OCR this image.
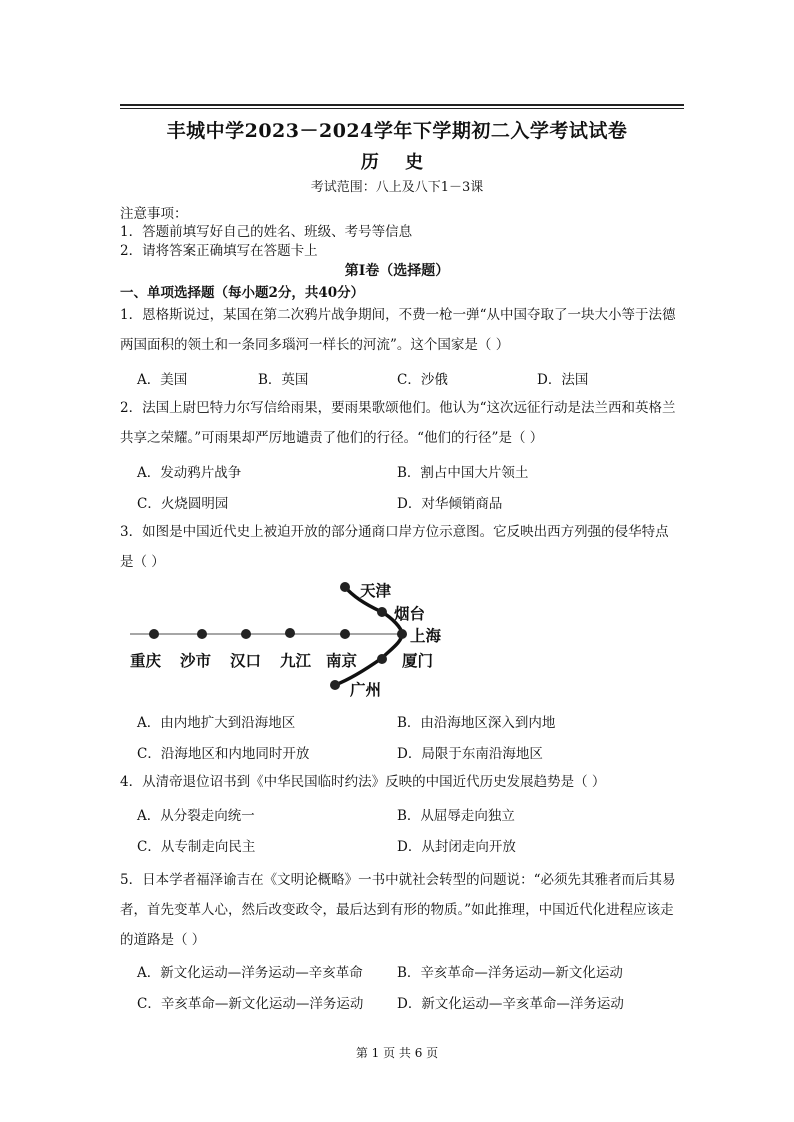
丰城中学2023－2024学年下学期初二入学考试试卷
历 史
考试范围：八上及八下1－3课
注意事项：
1．答题前填写好自己的姓名、班级、考号等信息
2．请将答案正确填写在答题卡上
第I卷（选择题）
一、单项选择题（每小题2分，共40分）
1．恩格斯说过，某国在第二次鸦片战争期间，不费一枪一弹“从中国夺取了一块大小等于法德两国面积的领土和一条同多瑙河一样长的河流”。这个国家是（ ）
A．美国	B．英国	C．沙俄	D．法国
2．法国上尉巴特力尔写信给雨果，要雨果歌颂他们。他认为“这次远征行动是法兰西和英格兰共享之荣耀。”可雨果却严厉地谴责了他们的行径。“他们的行径”是（ ）
A．发动鸦片战争	B．割占中国大片领土
C．火烧圆明园	D．对华倾销商品
3．如图是中国近代史上被迫开放的部分通商口岸方位示意图。它反映出西方列强的侵华特点是（ ）
天津
烟台
上海
厦门
广州
重庆 沙市 汉口 九江 南京
A．由内地扩大到沿海地区	B．由沿海地区深入到内地
C．沿海地区和内地同时开放	D．局限于东南沿海地区
4．从清帝退位诏书到《中华民国临时约法》反映的中国近代历史发展趋势是（ ）
A．从分裂走向统一	B．从屈辱走向独立
C．从专制走向民主	D．从封闭走向开放
5．日本学者福泽谕吉在《文明论概略》一书中就社会转型的问题说：“必须先其雅者而后其易者，首先变革人心，然后改变政令，最后达到有形的物质。”如此推理，中国近代化进程应该走的道路是（ ）
A．新文化运动—洋务运动—辛亥革命	B．辛亥革命—洋务运动—新文化运动
C．辛亥革命—新文化运动—洋务运动 D．新文化运动—辛亥革命—洋务运动
第 1 页 共 6 页
